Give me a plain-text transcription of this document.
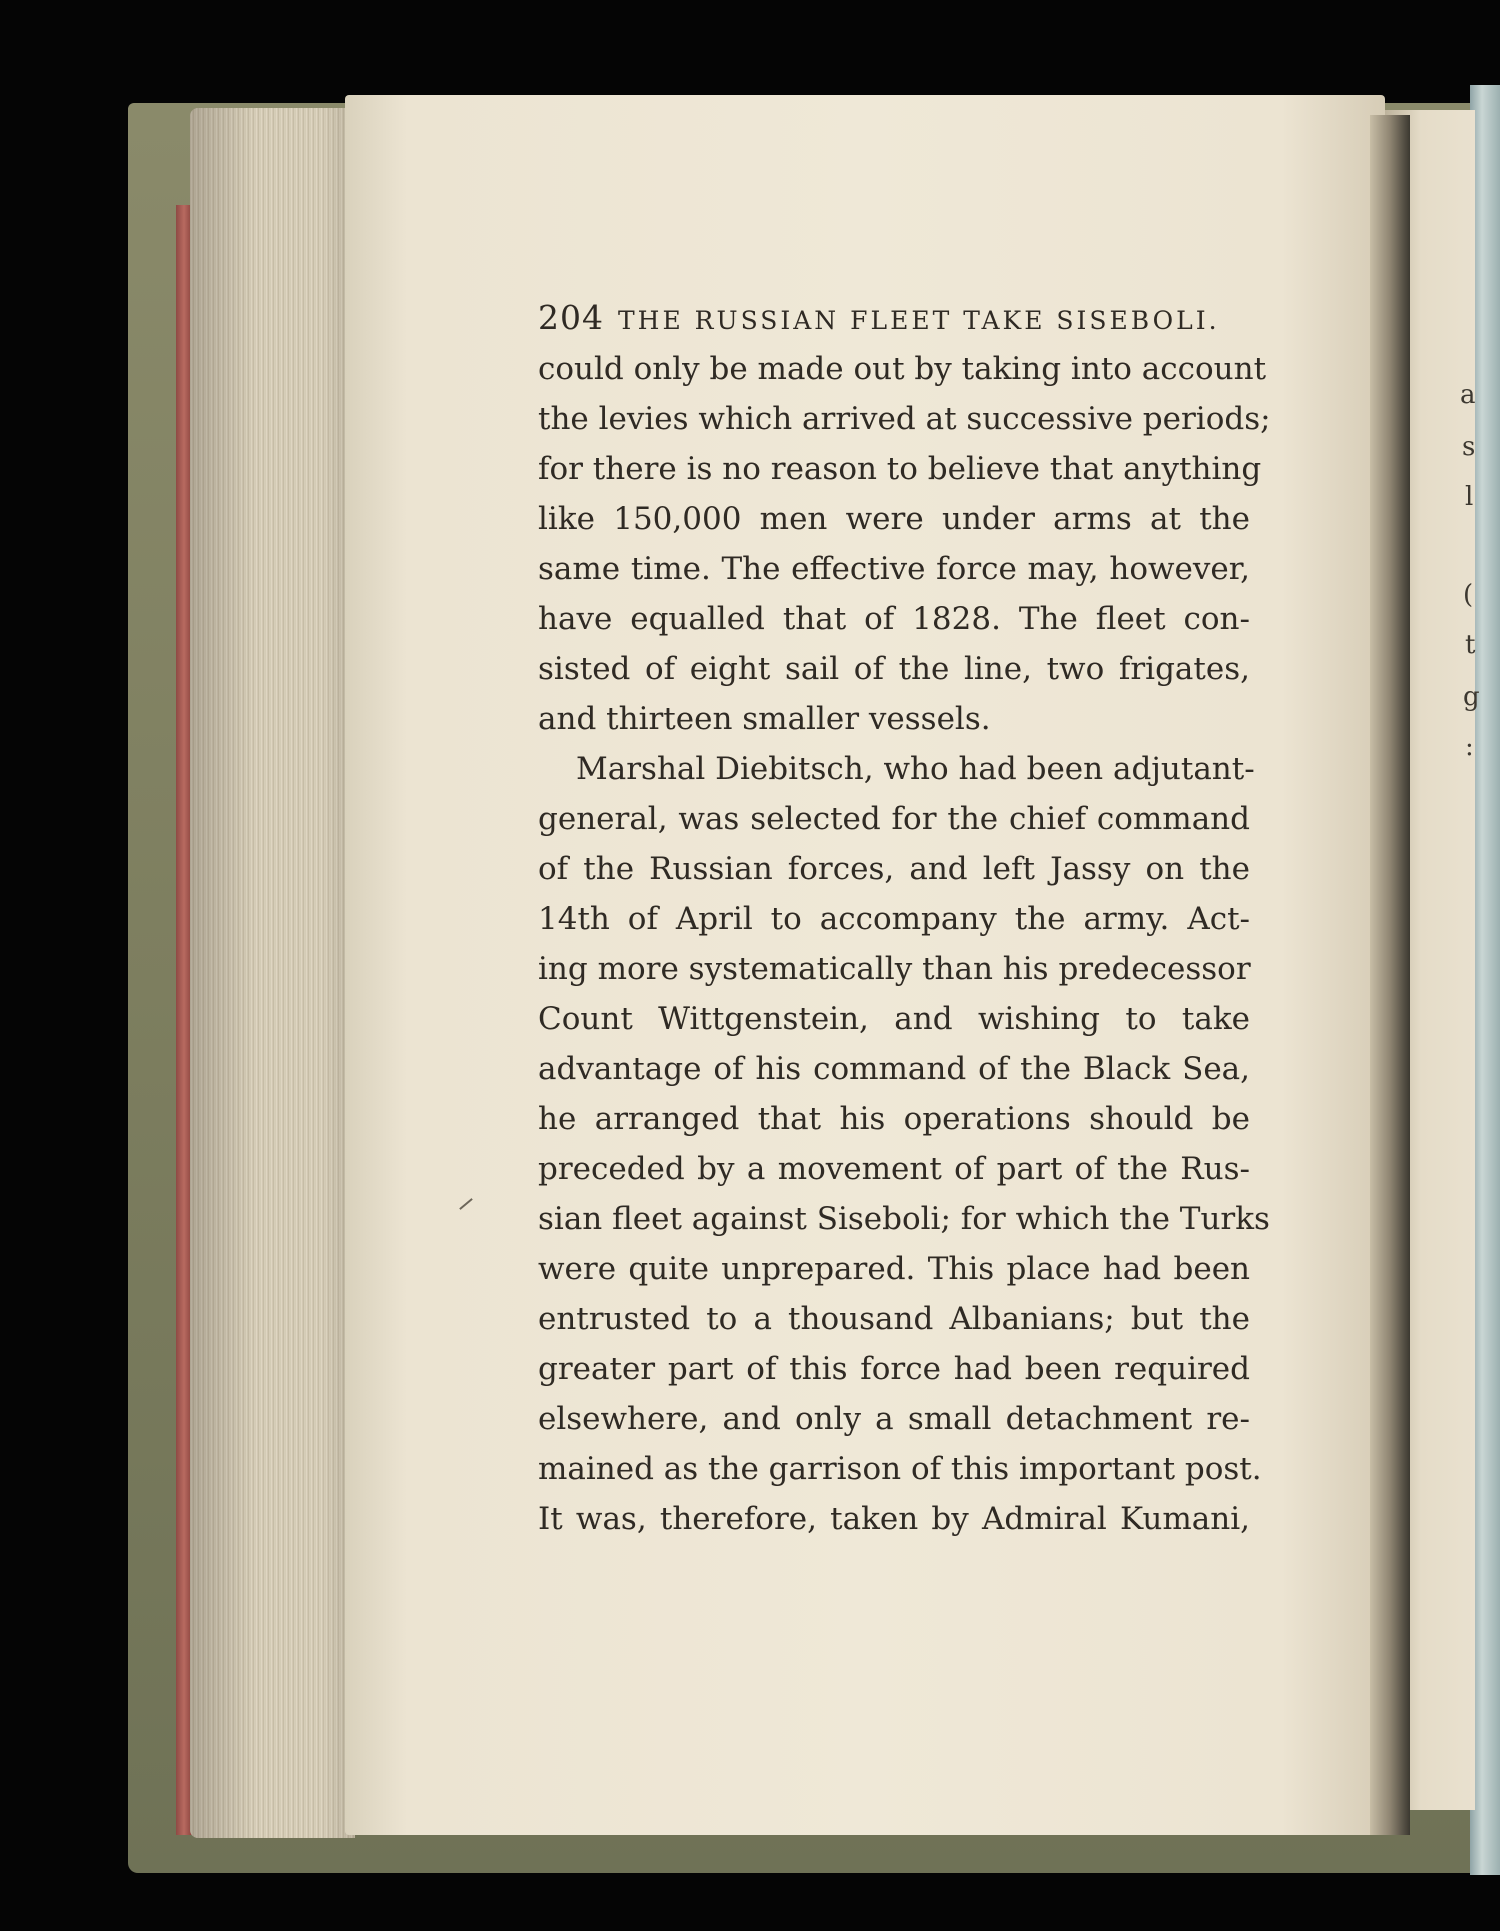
a
s
l
(
t
g
:
204 THE RUSSIAN FLEET TAKE SISEBOLI.
could only be made out by taking into account
the levies which arrived at successive periods;
for there is no reason to believe that anything
like 150,000 men were under arms at the
same time. The effective force may, however,
have equalled that of 1828. The fleet con-
sisted of eight sail of the line, two frigates,
and thirteen smaller vessels.
Marshal Diebitsch, who had been adjutant-
general, was selected for the chief command
of the Russian forces, and left Jassy on the
14th of April to accompany the army. Act-
ing more systematically than his predecessor
Count Wittgenstein, and wishing to take
advantage of his command of the Black Sea,
he arranged that his operations should be
preceded by a movement of part of the Rus-
sian fleet against Siseboli; for which the Turks
were quite unprepared. This place had been
entrusted to a thousand Albanians; but the
greater part of this force had been required
elsewhere, and only a small detachment re-
mained as the garrison of this important post.
It was, therefore, taken by Admiral Kumani,
